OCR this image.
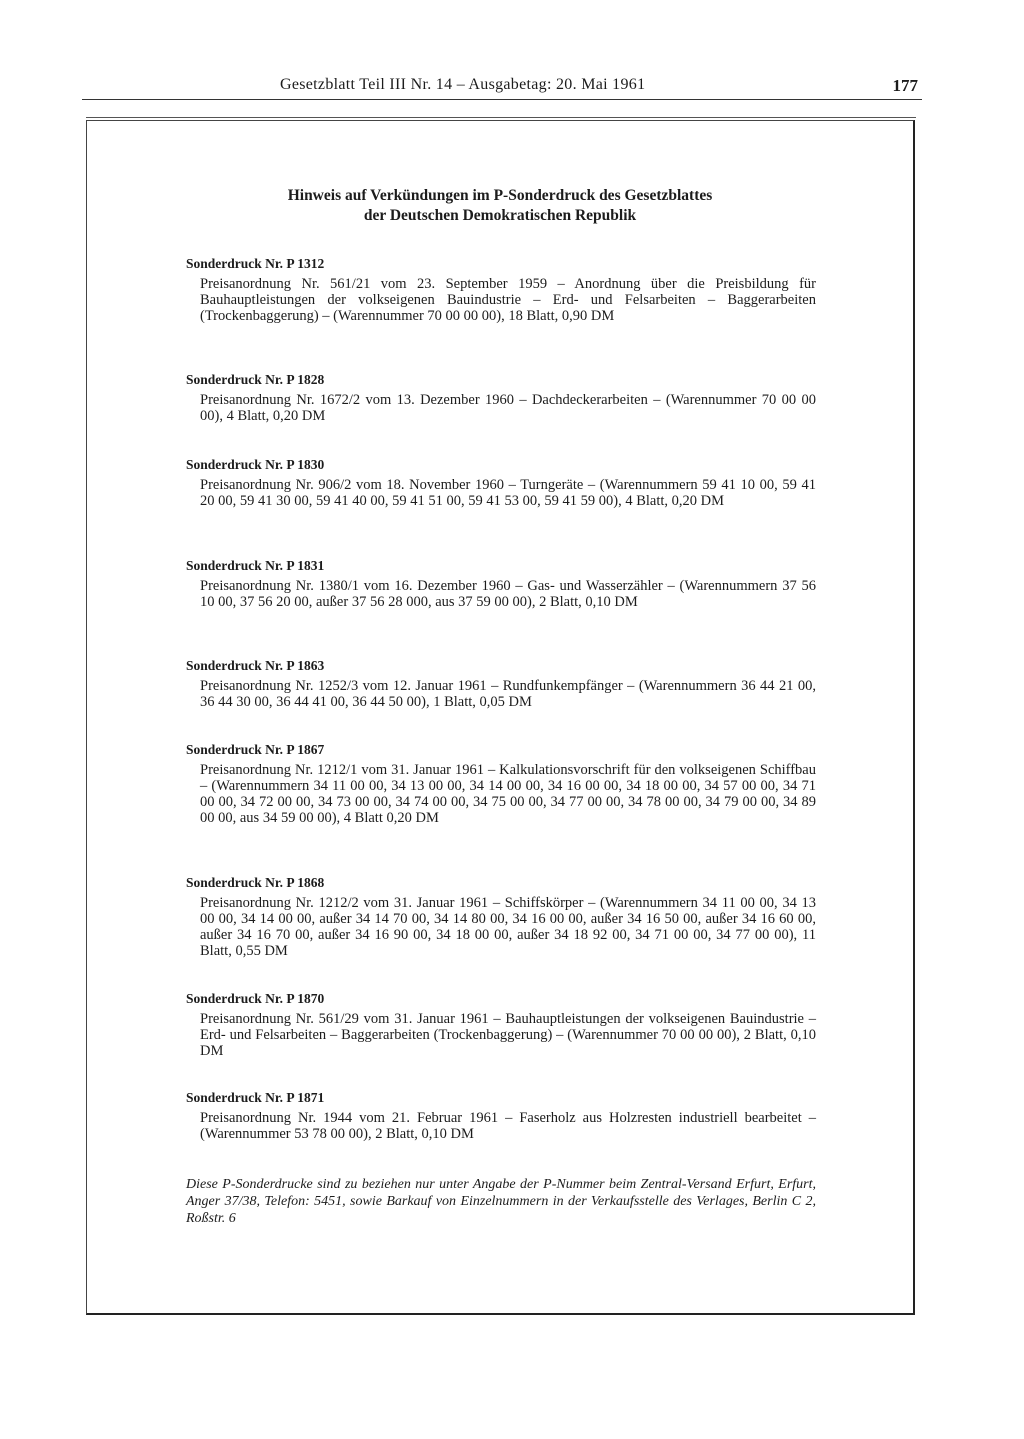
Gesetzblatt Teil III Nr. 14 – Ausgabetag: 20. Mai 1961	177
Hinweis auf Verkündungen im P-Sonderdruck des Gesetzblattes
der Deutschen Demokratischen Republik
Sonderdruck Nr. P 1312
Preisanordnung Nr. 561/21 vom 23. September 1959 – Anordnung über die Preisbildung für Bauhauptleistungen der volkseigenen Bauindustrie – Erd- und Felsarbeiten – Baggerarbeiten (Trockenbaggerung) – (Warennummer 70 00 00 00), 18 Blatt, 0,90 DM
Sonderdruck Nr. P 1828
Preisanordnung Nr. 1672/2 vom 13. Dezember 1960 – Dachdeckerarbeiten – (Warennummer 70 00 00 00), 4 Blatt, 0,20 DM
Sonderdruck Nr. P 1830
Preisanordnung Nr. 906/2 vom 18. November 1960 – Turngeräte – (Warennummern 59 41 10 00, 59 41 20 00, 59 41 30 00, 59 41 40 00, 59 41 51 00, 59 41 53 00, 59 41 59 00), 4 Blatt, 0,20 DM
Sonderdruck Nr. P 1831
Preisanordnung Nr. 1380/1 vom 16. Dezember 1960 – Gas- und Wasserzähler – (Warennummern 37 56 10 00, 37 56 20 00, außer 37 56 28 000, aus 37 59 00 00), 2 Blatt, 0,10 DM
Sonderdruck Nr. P 1863
Preisanordnung Nr. 1252/3 vom 12. Januar 1961 – Rundfunkempfänger – (Warennummern 36 44 21 00, 36 44 30 00, 36 44 41 00, 36 44 50 00), 1 Blatt, 0,05 DM
Sonderdruck Nr. P 1867
Preisanordnung Nr. 1212/1 vom 31. Januar 1961 – Kalkulationsvorschrift für den volkseigenen Schiffbau – (Warennummern 34 11 00 00, 34 13 00 00, 34 14 00 00, 34 16 00 00, 34 18 00 00, 34 57 00 00, 34 71 00 00, 34 72 00 00, 34 73 00 00, 34 74 00 00, 34 75 00 00, 34 77 00 00, 34 78 00 00, 34 79 00 00, 34 89 00 00, aus 34 59 00 00), 4 Blatt 0,20 DM
Sonderdruck Nr. P 1868
Preisanordnung Nr. 1212/2 vom 31. Januar 1961 – Schiffskörper – (Warennummern 34 11 00 00, 34 13 00 00, 34 14 00 00, außer 34 14 70 00, 34 14 80 00, 34 16 00 00, außer 34 16 50 00, außer 34 16 60 00, außer 34 16 70 00, außer 34 16 90 00, 34 18 00 00, außer 34 18 92 00, 34 71 00 00, 34 77 00 00), 11 Blatt, 0,55 DM
Sonderdruck Nr. P 1870
Preisanordnung Nr. 561/29 vom 31. Januar 1961 – Bauhauptleistungen der volkseigenen Bauindustrie – Erd- und Felsarbeiten – Baggerarbeiten (Trockenbaggerung) – (Warennummer 70 00 00 00), 2 Blatt, 0,10 DM
Sonderdruck Nr. P 1871
Preisanordnung Nr. 1944 vom 21. Februar 1961 – Faserholz aus Holzresten industriell bearbeitet – (Warennummer 53 78 00 00), 2 Blatt, 0,10 DM
Diese P-Sonderdrucke sind zu beziehen nur unter Angabe der P-Nummer beim Zentral-Versand Erfurt, Erfurt, Anger 37/38, Telefon: 5451, sowie Barkauf von Einzelnummern in der Verkaufsstelle des Verlages, Berlin C 2, Roßstr. 6
